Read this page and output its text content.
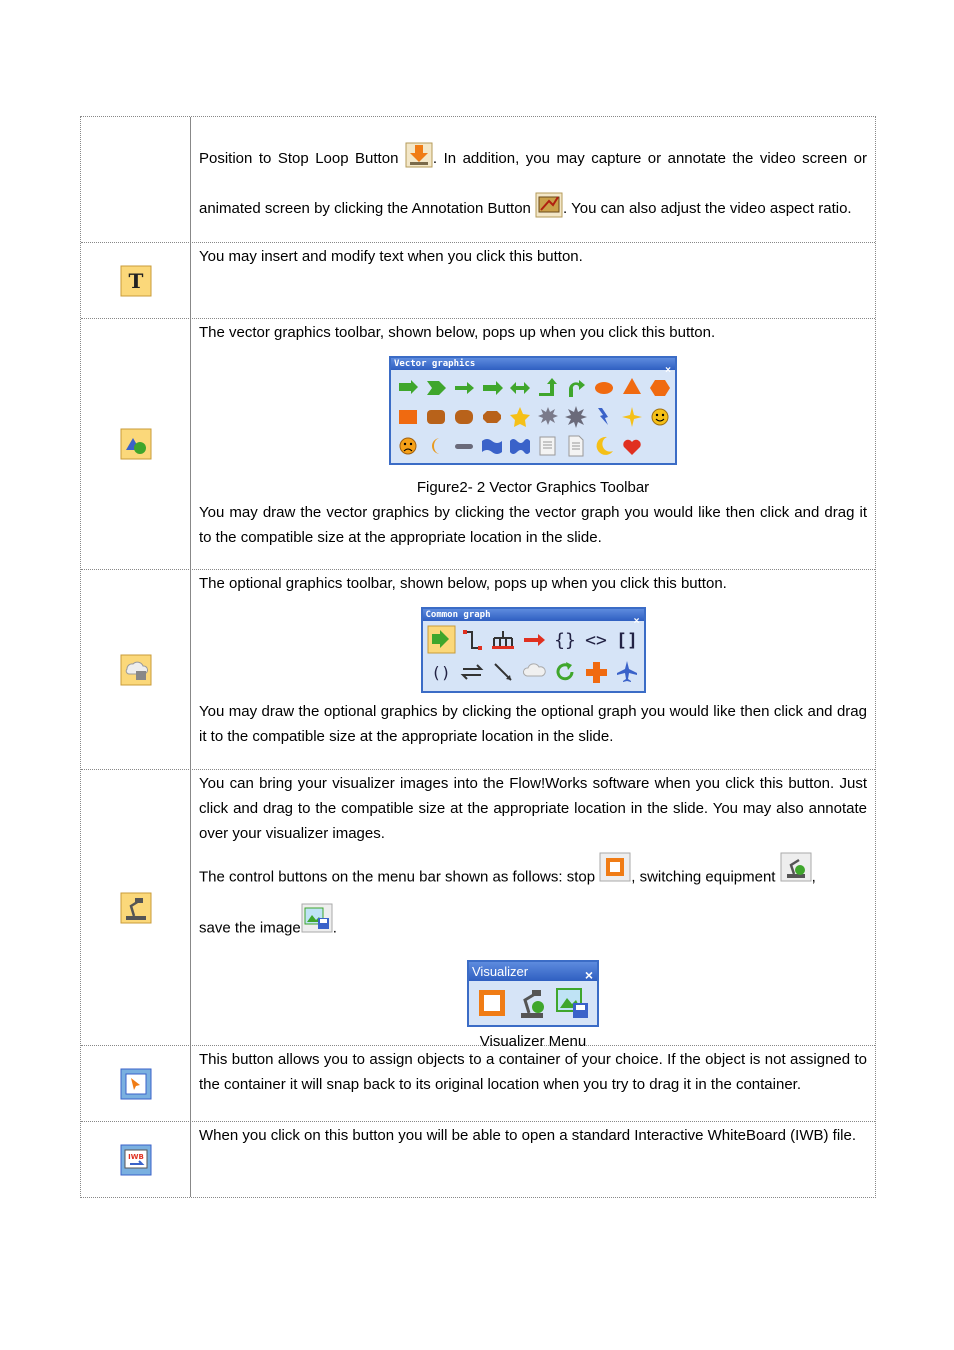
Position to Stop Loop Button . In addition, you may capture or annotate the video screen or animated screen by clicking the Annotation Button . You can also adjust the video aspect ratio.
T
You may insert and modify text when you click this button.
The vector graphics toolbar, shown below, pops up when you click this button.
Vector graphics
×
Figure2- 2 Vector Graphics Toolbar
You may draw the vector graphics by clicking the vector graph you would like then click and drag it to the compatible size at the appropriate location in the slide.
The optional graphics toolbar, shown below, pops up when you click this button.
Common graph
×
{} <> []
()
You may draw the optional graphics by clicking the optional graph you would like then click and drag it to the compatible size at the appropriate location in the slide.
You can bring your visualizer images into the Flow!Works software when you click this button. Just click and drag to the compatible size at the appropriate location in the slide. You may also annotate over your visualizer images.
The control buttons on the menu bar shown as follows: stop , switching equipment ,
save the image .
Visualizer	×
Visualizer Menu
This button allows you to assign objects to a container of your choice. If the object is not assigned to the container it will snap back to its original location when you try to drag it in the container.
IWB
When you click on this button you will be able to open a standard Interactive WhiteBoard (IWB) file.
